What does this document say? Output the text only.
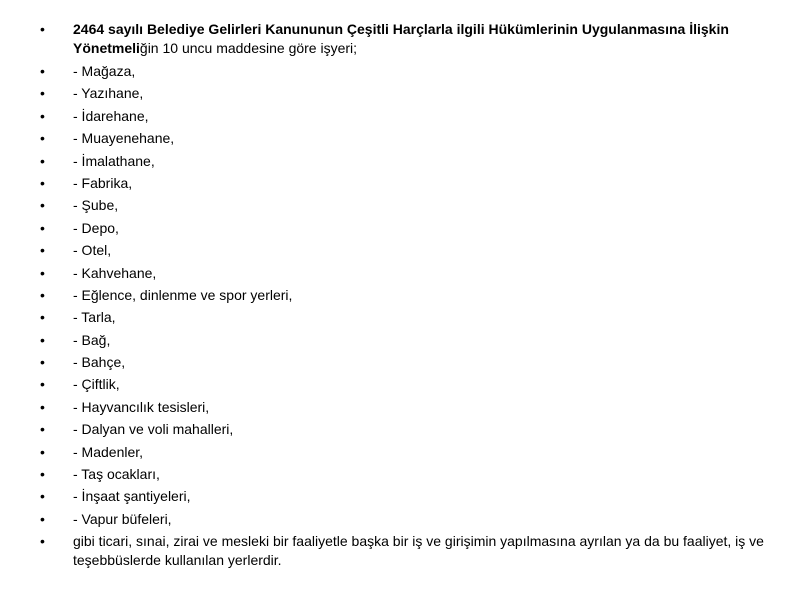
•	2464 sayılı Belediye Gelirleri Kanununun Çeşitli Harçlarla ilgili Hükümlerinin Uygulanmasına İlişkin Yönetmeliğin 10 uncu maddesine göre işyeri;
•	- Mağaza,
•	- Yazıhane,
•	- İdarehane,
•	- Muayenehane,
•	- İmalathane,
•	- Fabrika,
•	- Şube,
•	- Depo,
•	- Otel,
•	- Kahvehane,
•	- Eğlence, dinlenme ve spor yerleri,
•	- Tarla,
•	- Bağ,
•	- Bahçe,
•	- Çiftlik,
•	- Hayvancılık tesisleri,
•	- Dalyan ve voli mahalleri,
•	- Madenler,
•	- Taş ocakları,
•	- İnşaat şantiyeleri,
•	- Vapur büfeleri,
•	gibi ticari, sınai, zirai ve mesleki bir faaliyetle başka bir iş ve girişimin yapılmasına ayrılan ya da bu faaliyet, iş ve teşebbüslerde kullanılan yerlerdir.
